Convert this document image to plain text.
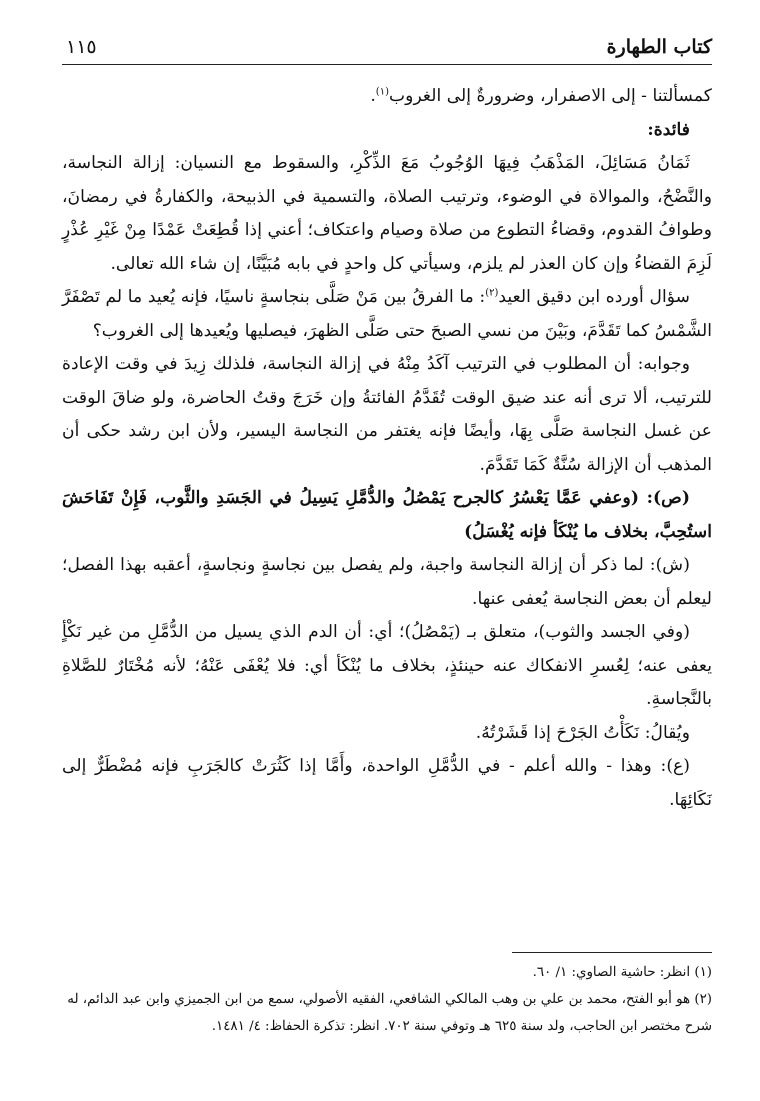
١١٥	كتاب الطهارة

كمسألتنا - إلى الاصفرار، وضرورةٌ إلى الغروب$^{(١)}$.

فائدة:

ثَمَانُ مَسَائِلَ، المَذْهَبُ فِيهَا الوُجُوبُ مَعَ الذِّكْرِ، والسقوط مع النسيان: إزالة النجاسة، والنَّضْحُ، والموالاة في الوضوء، وترتيب الصلاة، والتسمية في الذبيحة، والكفارةُ في رمضانَ، وطوافُ القدوم، وقضاءُ التطوع من صلاة وصيام واعتكاف؛ أعني إذا قُطِعَتْ عَمْدًا مِنْ غَيْرِ عُذْرٍ لَزِمَ القضاءُ وإن كان العذر لم يلزم، وسيأتي كل واحدٍ في بابه مُبَيَّنًا، إن شاء الله تعالى.

سؤال أورده ابن دقيق العيد$^{(٢)}$: ما الفرقُ بين مَنْ صَلَّى بنجاسةٍ ناسيًا، فإنه يُعيد ما لم تَصْفَرَّ الشَّمْسُ كما تَقَدَّمَ، وبَيْنَ من نسي الصبحَ حتى صَلَّى الظهرَ، فيصليها ويُعيدها إلى الغروب؟

وجوابه: أن المطلوب في الترتيب آكَدُ مِنْهُ في إزالة النجاسة، فلذلك زِيدَ في وقت الإعادة للترتيب، ألا ترى أنه عند ضيق الوقت تُقَدَّمُ الفائتةُ وإن خَرَجَ وقتُ الحاضرة، ولو ضاقَ الوقت عن غسل النجاسة صَلَّى بِهَا، وأيضًا فإنه يغتفر من النجاسة اليسير، ولأن ابن رشد حكى أن المذهب أن الإزالة سُنَّةٌ كَمَا تَقَدَّمَ.

(ص): (وعفي عَمَّا يَعْسُرُ كالجرح يَمْصُلُ والدُّمَّلِ يَسِيلُ في الجَسَدِ والثَّوب، فَإِنْ تَفَاحَشَ استُحِبَّ، بخلاف ما يُنْكَأ فإنه يُغْسَلُ)

(ش): لما ذكر أن إزالة النجاسة واجبة، ولم يفصل بين نجاسةٍ ونجاسةٍ، أعقبه بهذا الفصل؛ ليعلم أن بعض النجاسة يُعفى عنها.

(وفي الجسد والثوب)، متعلق بـ (يَمْصُلُ)؛ أي: أن الدم الذي يسيل من الدُّمَّلِ من غير نَكْأٍ يعفى عنه؛ لِعُسرِ الانفكاك عنه حينئذٍ، بخلاف ما يُنْكَأ أي: فلا يُعْفَى عَنْهُ؛ لأنه مُخْتَارٌ للصَّلاةِ بالنَّجاسةِ.

ويُقالُ: نَكَأْتُ الجَرْحَ إذا قَشَرْتُهُ.

(ع): وهذا - والله أعلم - في الدُّمَّلِ الواحدة، وأَمَّا إذا كَثُرَتْ كالجَرَبِ فإنه مُضْطَرٌّ إلى نَكَائِهَا.

(١) انظر: حاشية الصاوي: ١/ ٦٠.

(٢) هو أبو الفتح، محمد بن علي بن وهب المالكي الشافعي، الفقيه الأصولي، سمع من ابن الجميزي وابن عبد الدائم، له شرح مختصر ابن الحاجب، ولد سنة ٦٢٥ هـ وتوفي سنة ٧٠٢. انظر: تذكرة الحفاظ: ٤/ ١٤٨١.
